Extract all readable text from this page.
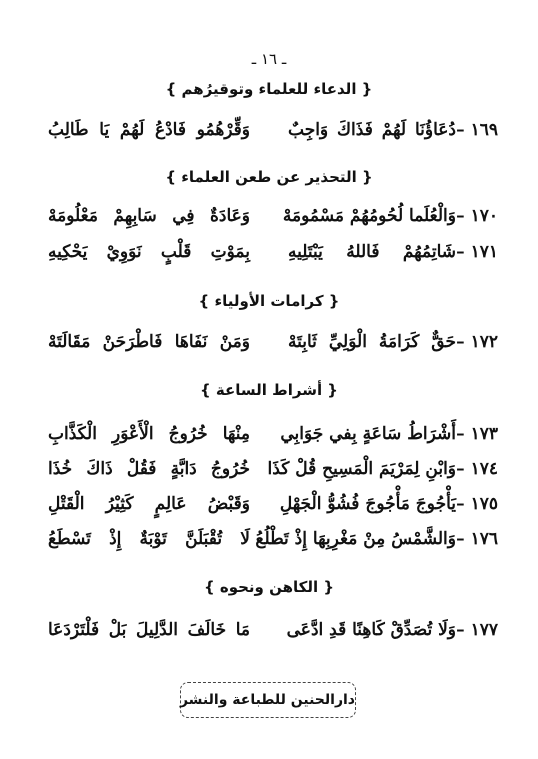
ـ ١٦ ـ
{ الدعاء للعلماء وتوقيرُهم }
١٦٩ –
دُعَاؤُنَا لَهُمْ فَذَاكَ وَاجِبٌ
وَقِّرْهُمُو فَادْعُ لَهُمْ يَا طَالِبُ
{ التحذير عن طعن العلماء }
١٧٠ –
وَالْعُلَما لُحُومُهُمْ مَسْمُومَهْ
وَعَادَةٌ فِي سَابِهِمْ مَعْلُومَهْ
١٧١ –
شَاتِمُهُمْ فَاللهُ يَبْتَلِيهِ
بِمَوْتِ قَلْبٍ نَوَوِيْ يَحْكِيهِ
{ كرامات الأولياء }
١٧٢ –
حَقٌّ كَرَامَةُ الْوَلِيِّ ثَابِتَهْ
وَمَنْ نَفَاهَا فَاطْرَحَنْ مَقَالَتَهْ
{ أشراط الساعة }
١٧٣ –
أَشْرَاطُ سَاعَةٍ بِفي جَوَابِي
مِنْهَا خُرُوجُ الْأَعْوَرِ الْكَذَّابِ
١٧٤ –
وَابْنِ لِمَرْيَمَ الْمَسِيحِ قُلْ كَذَا
خُرُوجُ دَابَّةٍ فَقُلْ ذَاكَ خُذَا
١٧٥ –
يَأْجُوجَ مَأْجُوجَ فُشُوُّ الْجَهْلِ
وَقَبْضُ عَالِمٍ كَثِيْرُ الْقَتْلِ
١٧٦ –
وَالشَّمْسُ مِنْ مَغْرِبِهَا إِذْ تَطْلُعُ
لَا تُقْبَلَنَّ تَوْبَةٌ إِذْ تَسْطَعُ
{ الكاهن ونحوه }
١٧٧ –
وَلَا تُصَدِّقْ كَاهِنًا قَدِ ادَّعَى
مَا خَالَفَ الدَّلِيلَ بَلْ فَلْتَرْدَعَا
دارالحنين للطباعة والنشر
